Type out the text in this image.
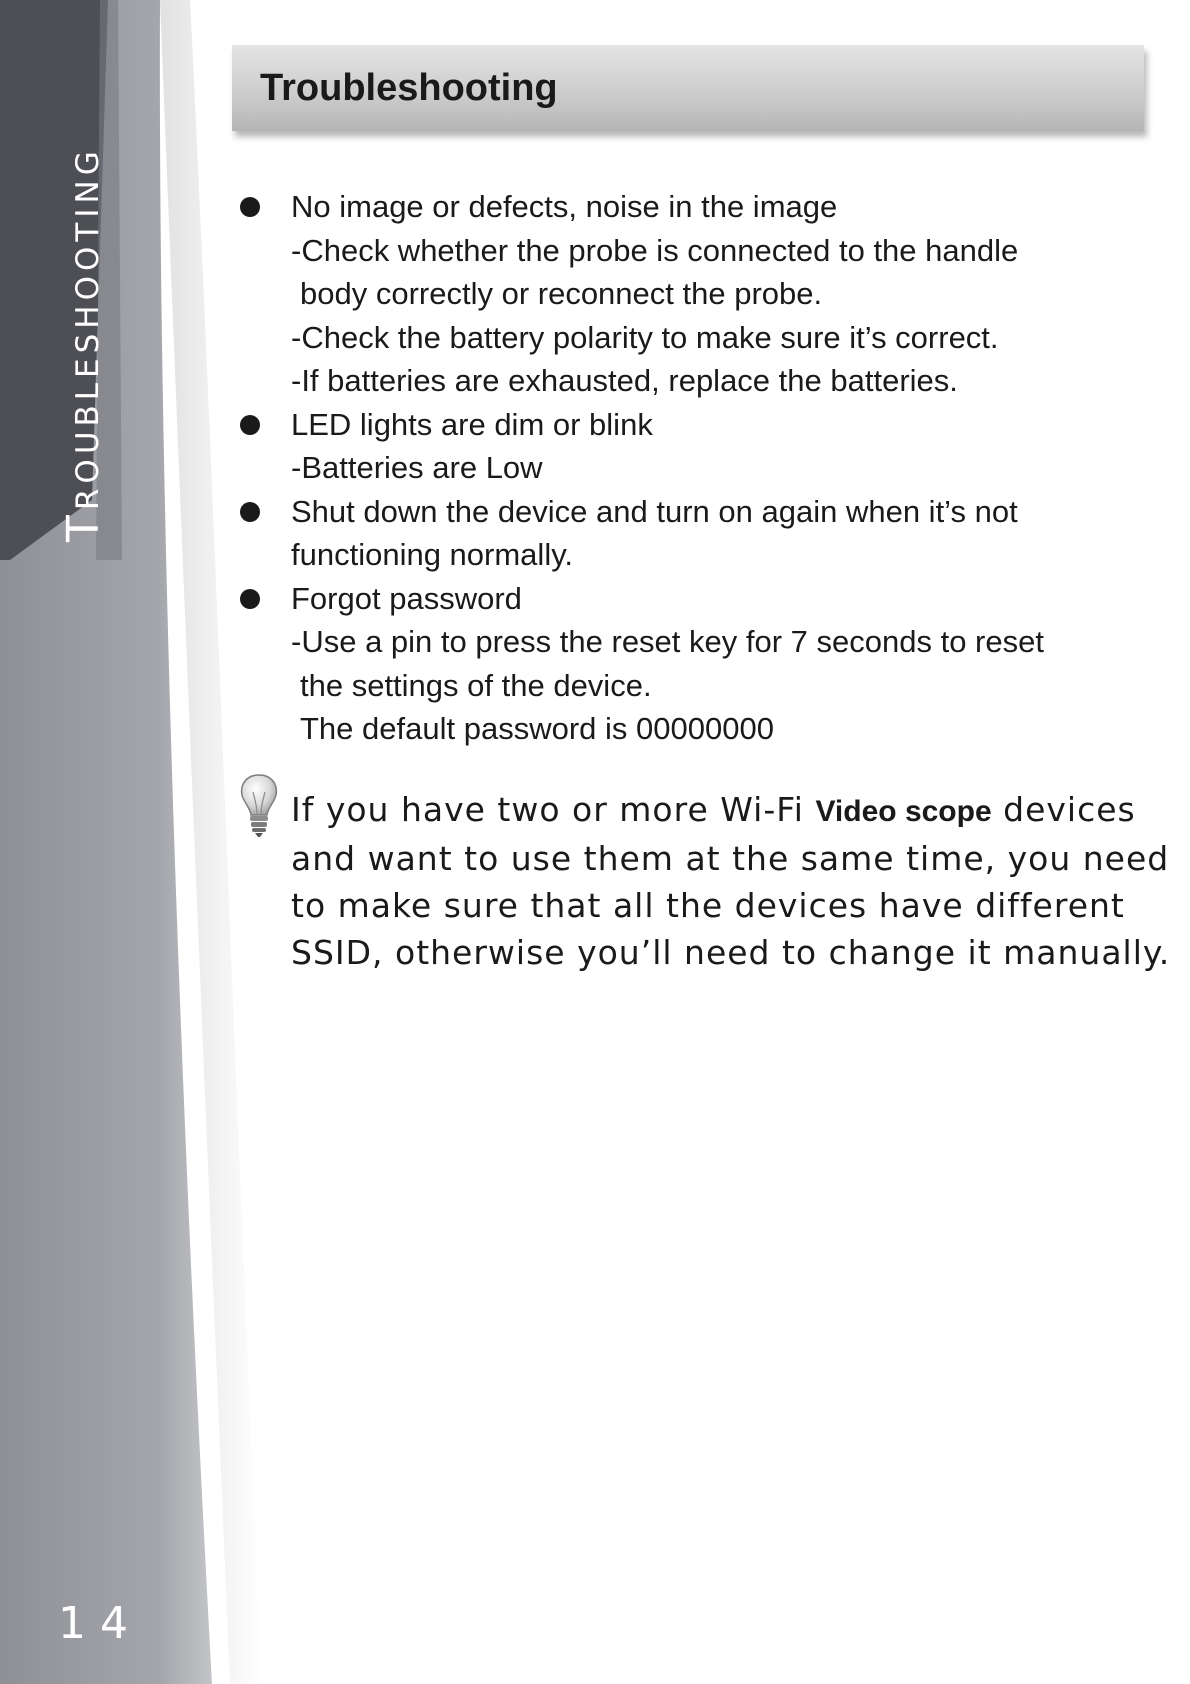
Troubleshooting
14
Troubleshooting
No image or defects, noise in the image
-Check whether the probe is connected to the handle
body correctly or reconnect the probe.
-Check the battery polarity to make sure it’s correct.
-If batteries are exhausted, replace the batteries.
LED lights are dim or blink
-Batteries are Low
Shut down the device and turn on again when it’s not
functioning normally.
Forgot password
-Use a pin to press the reset key for 7 seconds to reset
the settings of the device.
The default password is 00000000
If you have two or more Wi-Fi Video scope devices
and want to use them at the same time, you need
to make sure that all the devices have different
SSID, otherwise you’ll need to change it manually.
